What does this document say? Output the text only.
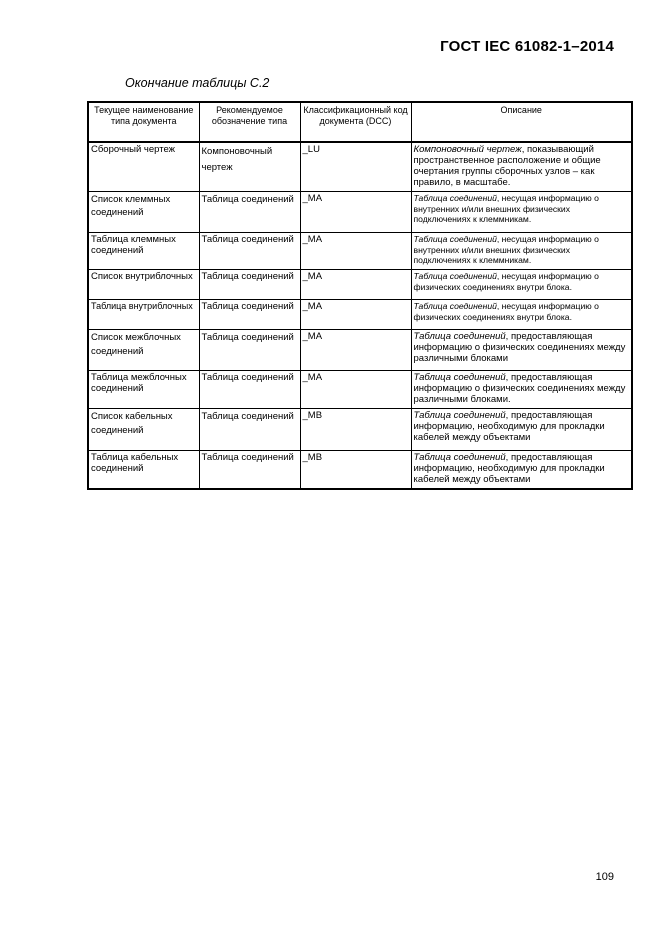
ГОСТ IEC 61082-1–2014
Окончание таблицы С.2
Текущее наименование типа документа	Рекомендуемое обозначение типа	Классификационный код документа (DCC)	Описание
Сборочный чертеж	Компоновочный чертеж	_LU	Компоновочный чертеж, показывающий пространственное расположение и общие очертания группы сборочных узлов – как правило, в масштабе.
Список клеммных соединений	Таблица соединений	_MA	Таблица соединений, несущая информацию о внутренних и/или внешних физических подключениях к клеммникам.
Таблица клеммных соединений	Таблица соединений	_MA	Таблица соединений, несущая информацию о внутренних и/или внешних физических подключениях к клеммникам.
Список внутриблочных	Таблица соединений	_MA	Таблица соединений, несущая информацию о физических соединениях внутри блока.
Таблица внутриблочных	Таблица соединений	_MA	Таблица соединений, несущая информацию о физических соединениях внутри блока.
Список межблочных соединений	Таблица соединений	_MA	Таблица соединений, предоставляющая информацию о физических соединениях между различными блоками
Таблица межблочных соединений	Таблица соединений	_MA	Таблица соединений, предоставляющая информацию о физических соединениях между различными блоками.
Список кабельных соединений	Таблица соединений	_MB	Таблица соединений, предоставляющая информацию, необходимую для прокладки кабелей между объектами
Таблица кабельных соединений	Таблица соединений	_MB	Таблица соединений, предоставляющая информацию, необходимую для прокладки кабелей между объектами
109
